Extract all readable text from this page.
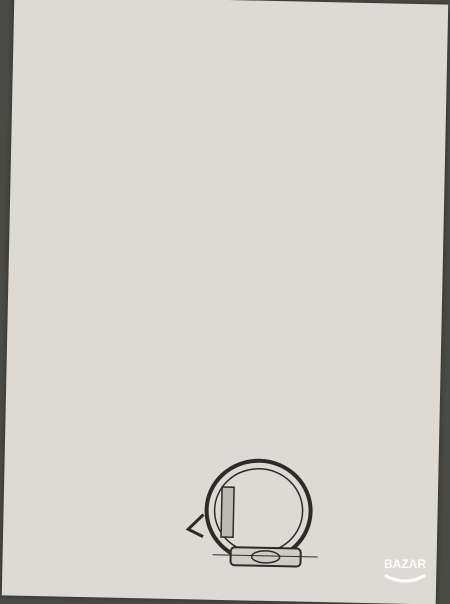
BAZAR
